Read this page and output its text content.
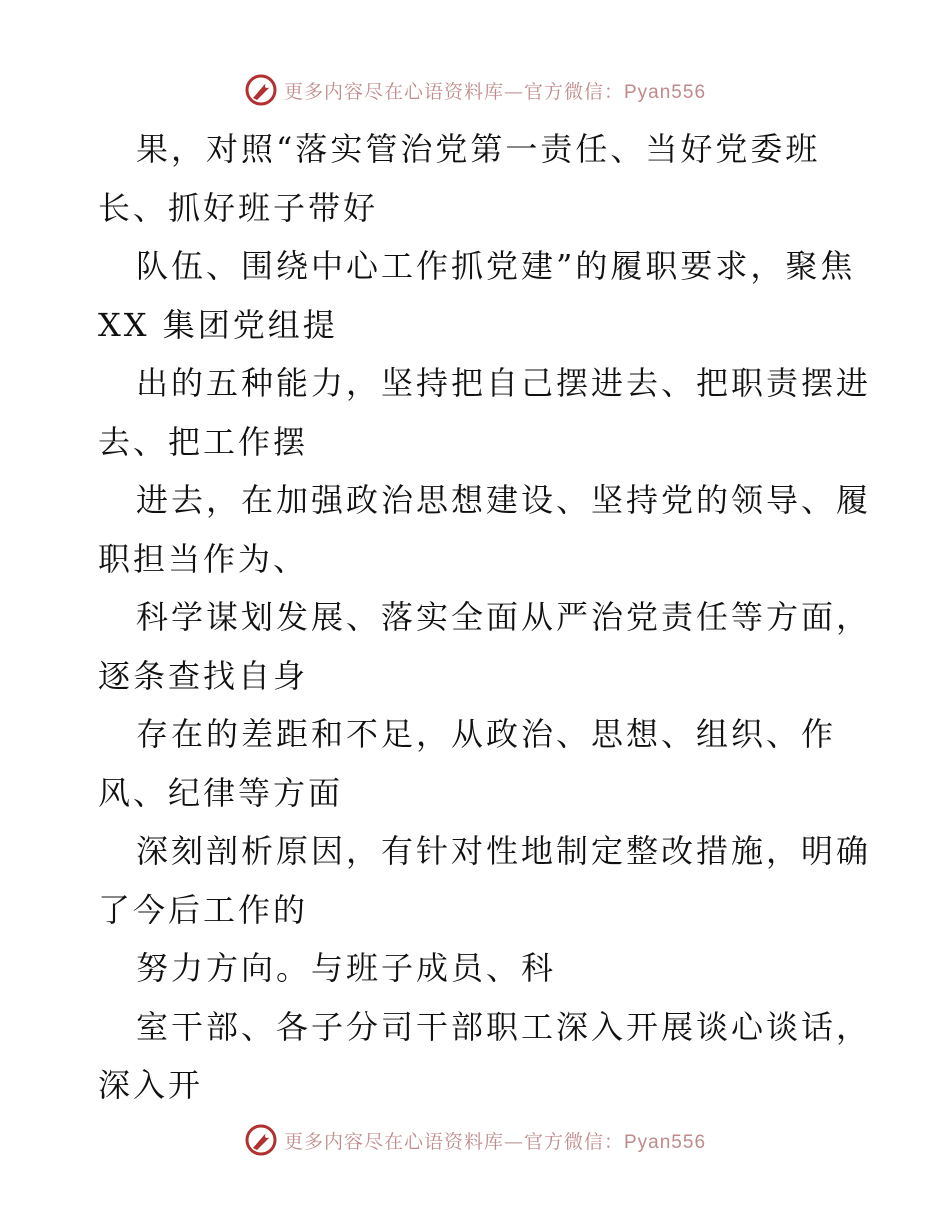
更多内容尽在心语资料库—官方微信：Pyan556
果，对照“落实管治党第一责任、当好党委班
长、抓好班子带好
队伍、围绕中心工作抓党建”的履职要求，聚焦
XX 集团党组提
出的五种能力，坚持把自己摆进去、把职责摆进
去、把工作摆
进去，在加强政治思想建设、坚持党的领导、履
职担当作为、
科学谋划发展、落实全面从严治党责任等方面，
逐条查找自身
存在的差距和不足，从政治、思想、组织、作
风、纪律等方面
深刻剖析原因，有针对性地制定整改措施，明确
了今后工作的
努力方向。与班子成员、科
室干部、各子分司干部职工深入开展谈心谈话，
深入开
更多内容尽在心语资料库—官方微信：Pyan556
